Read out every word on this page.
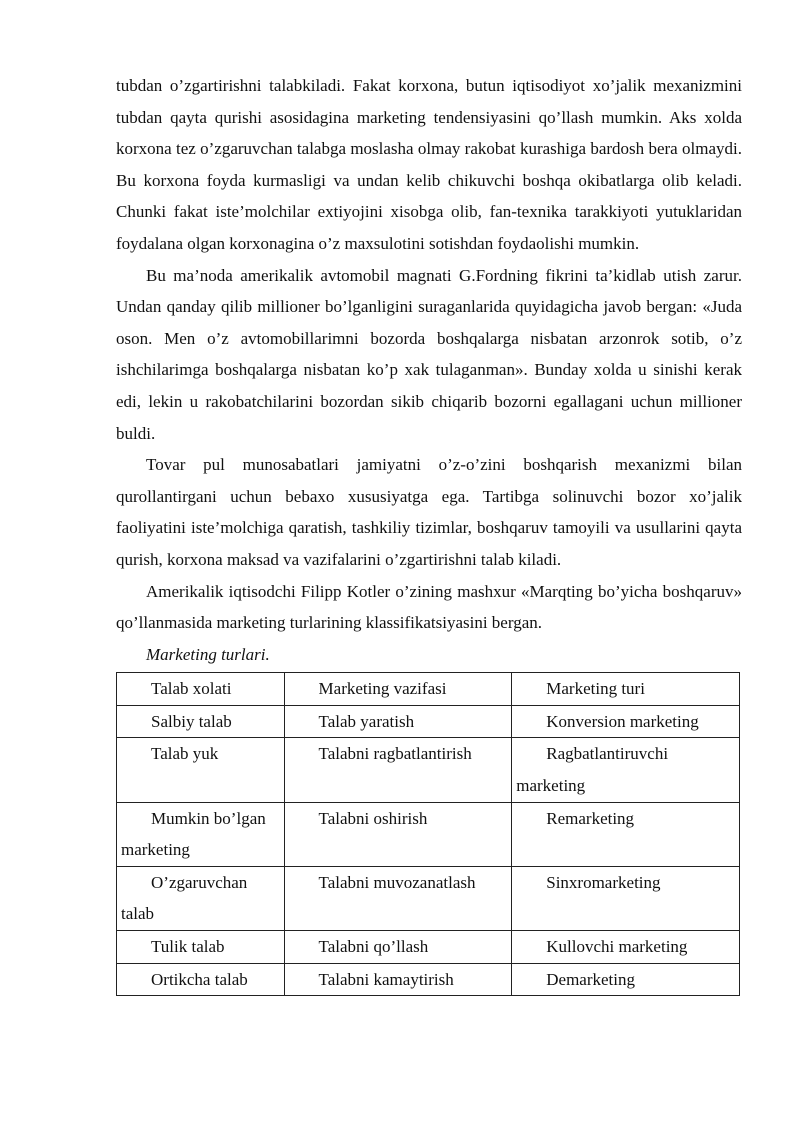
tubdan o’zgartirishni talabkiladi. Fakat korxona, butun iqtisodiyot xo’jalik mexanizmini tubdan qayta qurishi asosidagina marketing tendensiyasini qo’llash mumkin. Aks xolda korxona tez o’zgaruvchan talabga moslasha olmay rakobat kurashiga bardosh bera olmaydi. Bu korxona foyda kurmasligi va undan kelib chikuvchi boshqa okibatlarga olib keladi. Chunki fakat iste’molchilar extiyojini xisobga olib, fan-texnika tarakkiyoti yutuklaridan foydalana olgan korxonagina o’z maxsulotini sotishdan foydaolishi mumkin.

Bu ma’noda amerikalik avtomobil magnati G.Fordning fikrini ta’kidlab utish zarur. Undan qanday qilib millioner bo’lganligini suraganlarida quyidagicha javob bergan: «Juda oson. Men o’z avtomobillarimni bozorda boshqalarga nisbatan arzonrok sotib, o’z ishchilarimga boshqalarga nisbatan ko’p xak tulaganman». Bunday xolda u sinishi kerak edi, lekin u rakobatchilarini bozordan sikib chiqarib bozorni egallagani uchun millioner buldi.

Tovar pul munosabatlari jamiyatni o’z-o’zini boshqarish mexanizmi bilan qurollantirgani uchun bebaxo xususiyatga ega. Tartibga solinuvchi bozor xo’jalik faoliyatini iste’molchiga qaratish, tashkiliy tizimlar, boshqaruv tamoyili va usullarini qayta qurish, korxona maksad va vazifalarini o’zgartirishni talab kiladi.

Amerikalik iqtisodchi Filipp Kotler o’zining mashxur «Marqting bo’yicha boshqaruv» qo’llanmasida marketing turlarining klassifikatsiyasini bergan.

Marketing turlari.

Talab xolati	Marketing vazifasi	Marketing turi
Salbiy talab	Talab yaratish	Konversion marketing
Talab yuk	Talabni ragbatlantirish	Ragbatlantiruvchi marketing
Mumkin bo’lgan marketing	Talabni oshirish	Remarketing
O’zgaruvchan talab	Talabni muvozanatlash	Sinxromarketing
Tulik talab	Talabni qo’llash	Kullovchi marketing
Ortikcha talab	Talabni kamaytirish	Demarketing
